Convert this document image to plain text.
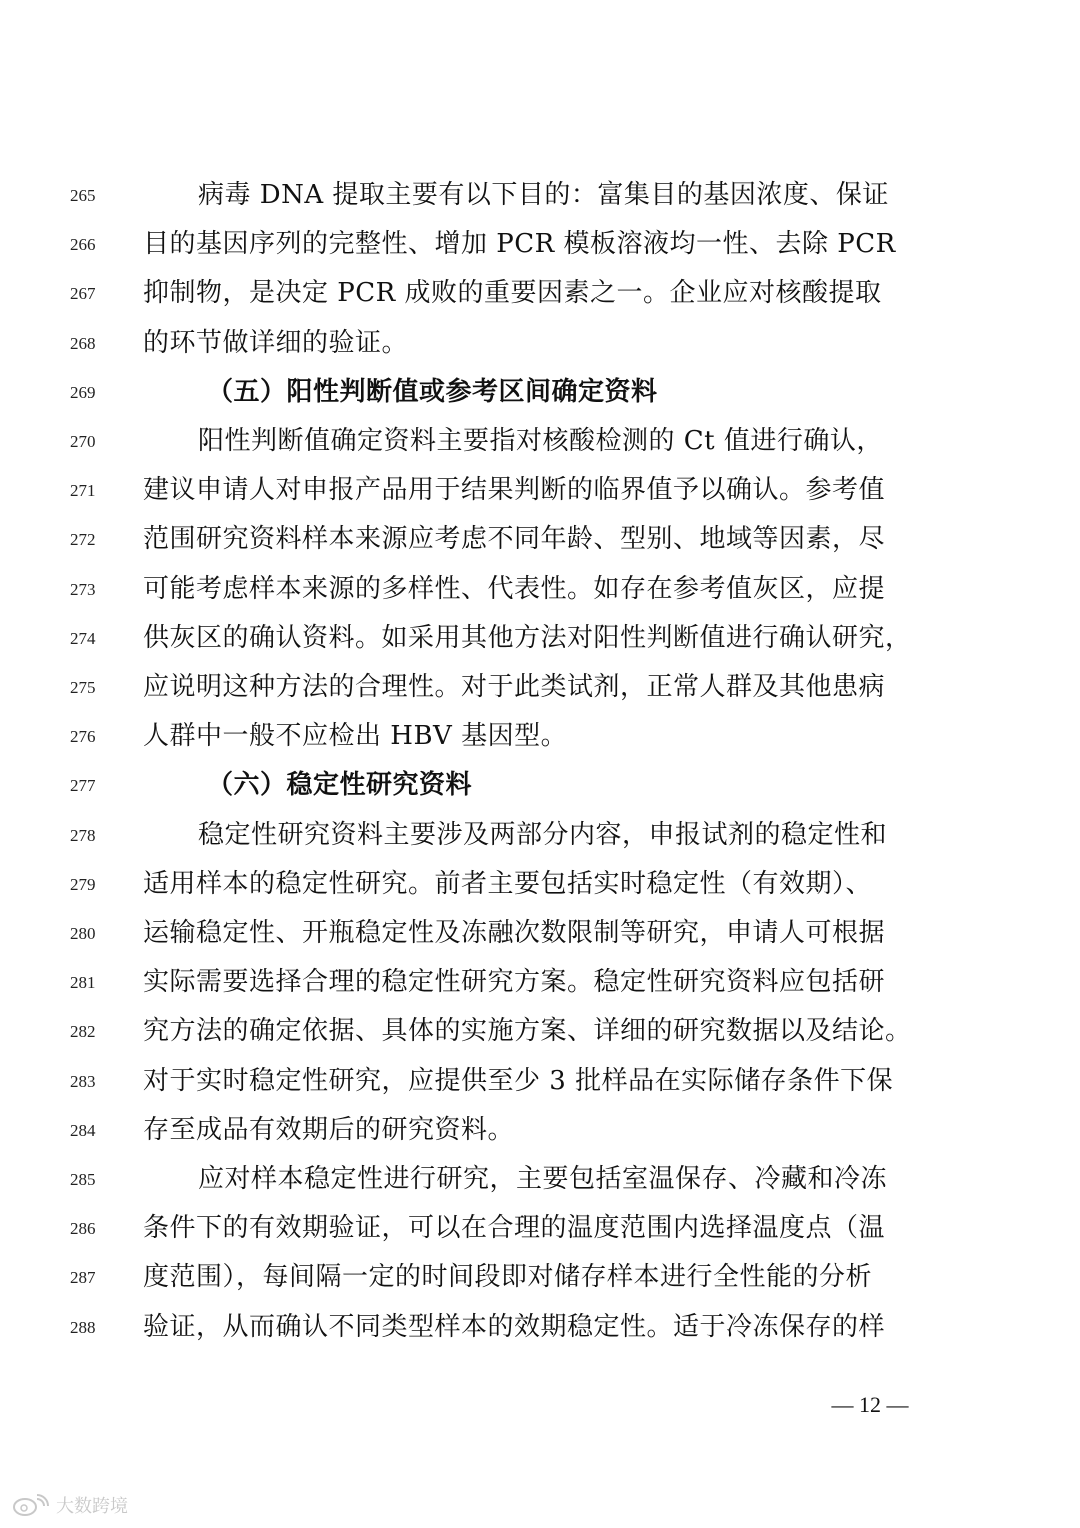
265	病毒 DNA 提取主要有以下目的：富集目的基因浓度、保证
266	目的基因序列的完整性、增加 PCR 模板溶液均一性、去除 PCR
267	抑制物，是决定 PCR 成败的重要因素之一。企业应对核酸提取
268	的环节做详细的验证。
269	（五）阳性判断值或参考区间确定资料
270	阳性判断值确定资料主要指对核酸检测的 Ct 值进行确认，
271	建议申请人对申报产品用于结果判断的临界值予以确认。参考值
272	范围研究资料样本来源应考虑不同年龄、型别、地域等因素，尽
273	可能考虑样本来源的多样性、代表性。如存在参考值灰区，应提
274	供灰区的确认资料。如采用其他方法对阳性判断值进行确认研究，
275	应说明这种方法的合理性。对于此类试剂，正常人群及其他患病
276	人群中一般不应检出 HBV 基因型。
277	（六）稳定性研究资料
278	稳定性研究资料主要涉及两部分内容，申报试剂的稳定性和
279	适用样本的稳定性研究。前者主要包括实时稳定性（有效期）、
280	运输稳定性、开瓶稳定性及冻融次数限制等研究，申请人可根据
281	实际需要选择合理的稳定性研究方案。稳定性研究资料应包括研
282	究方法的确定依据、具体的实施方案、详细的研究数据以及结论。
283	对于实时稳定性研究，应提供至少 3 批样品在实际储存条件下保
284	存至成品有效期后的研究资料。
285	应对样本稳定性进行研究，主要包括室温保存、冷藏和冷冻
286	条件下的有效期验证，可以在合理的温度范围内选择温度点（温
287	度范围），每间隔一定的时间段即对储存样本进行全性能的分析
288	验证，从而确认不同类型样本的效期稳定性。适于冷冻保存的样
— 12 —
大数跨境
